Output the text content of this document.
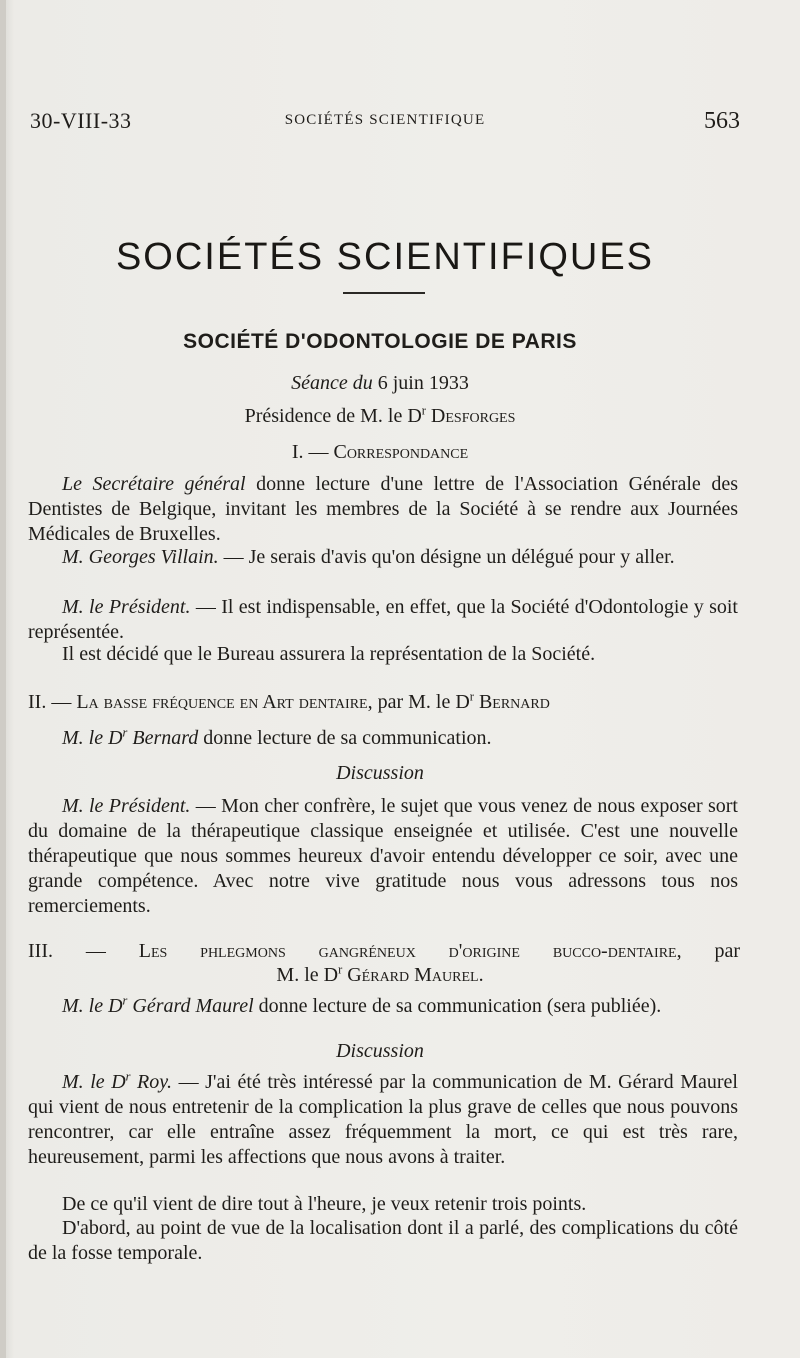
30-VIII-33	SOCIÉTÉS SCIENTIFIQUE	563
SOCIÉTÉS SCIENTIFIQUES
SOCIÉTÉ D'ODONTOLOGIE DE PARIS
Séance du 6 juin 1933
Présidence de M. le $D^r$ Desforges
I. — Correspondance
Le Secrétaire général donne lecture d'une lettre de l'Association Générale des Dentistes de Belgique, invitant les membres de la Société à se rendre aux Journées Médicales de Bruxelles.
M. Georges Villain. — Je serais d'avis qu'on désigne un délégué pour y aller.
M. le Président. — Il est indispensable, en effet, que la Société d'Odontologie y soit représentée.
Il est décidé que le Bureau assurera la représentation de la Société.
II. — La basse fréquence en Art dentaire, par M. le $D^r$ Bernard
M. le $D^r$ Bernard donne lecture de sa communication.
Discussion
M. le Président. — Mon cher confrère, le sujet que vous venez de nous exposer sort du domaine de la thérapeutique classique enseignée et utilisée. C'est une nouvelle thérapeutique que nous sommes heureux d'avoir entendu développer ce soir, avec une grande compétence. Avec notre vive gratitude nous vous adressons tous nos remerciements.
III. — Les phlegmons gangréneux d'origine bucco-dentaire, par
M. le $D^r$ Gérard Maurel.
M. le $D^r$ Gérard Maurel donne lecture de sa communication (sera publiée).
Discussion
M. le $D^r$ Roy. — J'ai été très intéressé par la communication de M. Gérard Maurel qui vient de nous entretenir de la complication la plus grave de celles que nous pouvons rencontrer, car elle entraîne assez fréquemment la mort, ce qui est très rare, heureusement, parmi les affections que nous avons à traiter.
De ce qu'il vient de dire tout à l'heure, je veux retenir trois points.
D'abord, au point de vue de la localisation dont il a parlé, des complications du côté de la fosse temporale.
